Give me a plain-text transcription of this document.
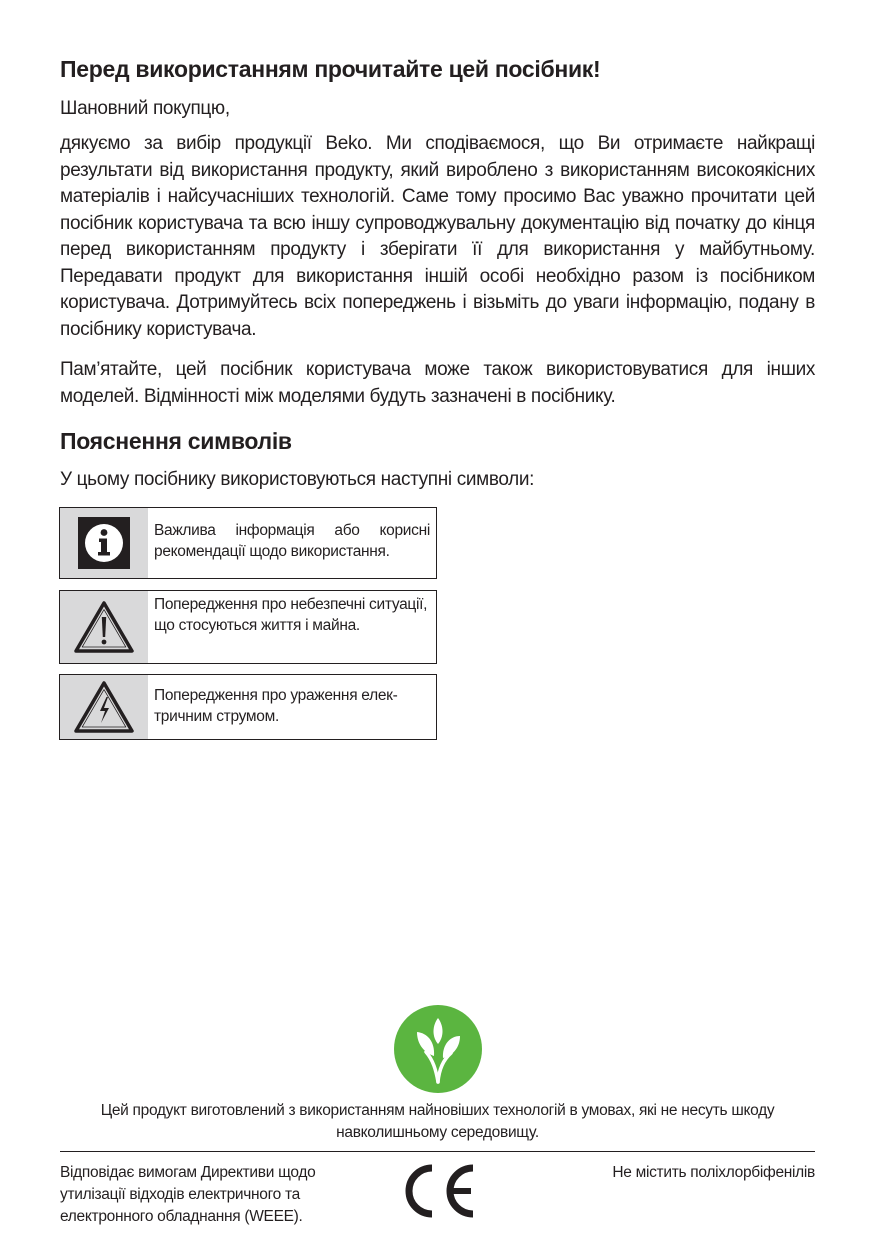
Перед використанням прочитайте цей посібник!
Шановний покупцю,
дякуємо за вибір продукції Beko. Ми сподіваємося, що Ви отримаєте найкращі результати від використання продукту, який вироблено з використанням високоякісних матеріалів і найсучасніших технологій. Саме тому просимо Вас уважно прочитати цей посібник користувача та всю іншу супроводжувальну документацію від початку до кінця перед використанням продукту і зберігати її для використання у майбутньому. Передавати продукт для використання іншій особі необхідно разом із посібником користувача. Дотримуйтесь всіх попереджень і візьміть до уваги інформацію, подану в посібнику користувача.
Пам’ятайте, цей посібник користувача може також використовуватися для інших моделей. Відмінності між моделями будуть зазначені в посібнику.
Пояснення символів
У цьому посібнику використовуються наступні символи:
Важлива інформація або корисні рекомендації щодо використання.
Попередження про небезпечні ситуації, що стосуються життя і майна.
Попередження про ураження елек-тричним струмом.
Цей продукт виготовлений з використанням найновіших технологій в умовах, які не несуть шкоду навколишньому середовищу.
Відповідає вимогам Директиви щодо утилізації відходів електричного та електронного обладнання (WEEE).
Не містить поліхлорбіфенілів
